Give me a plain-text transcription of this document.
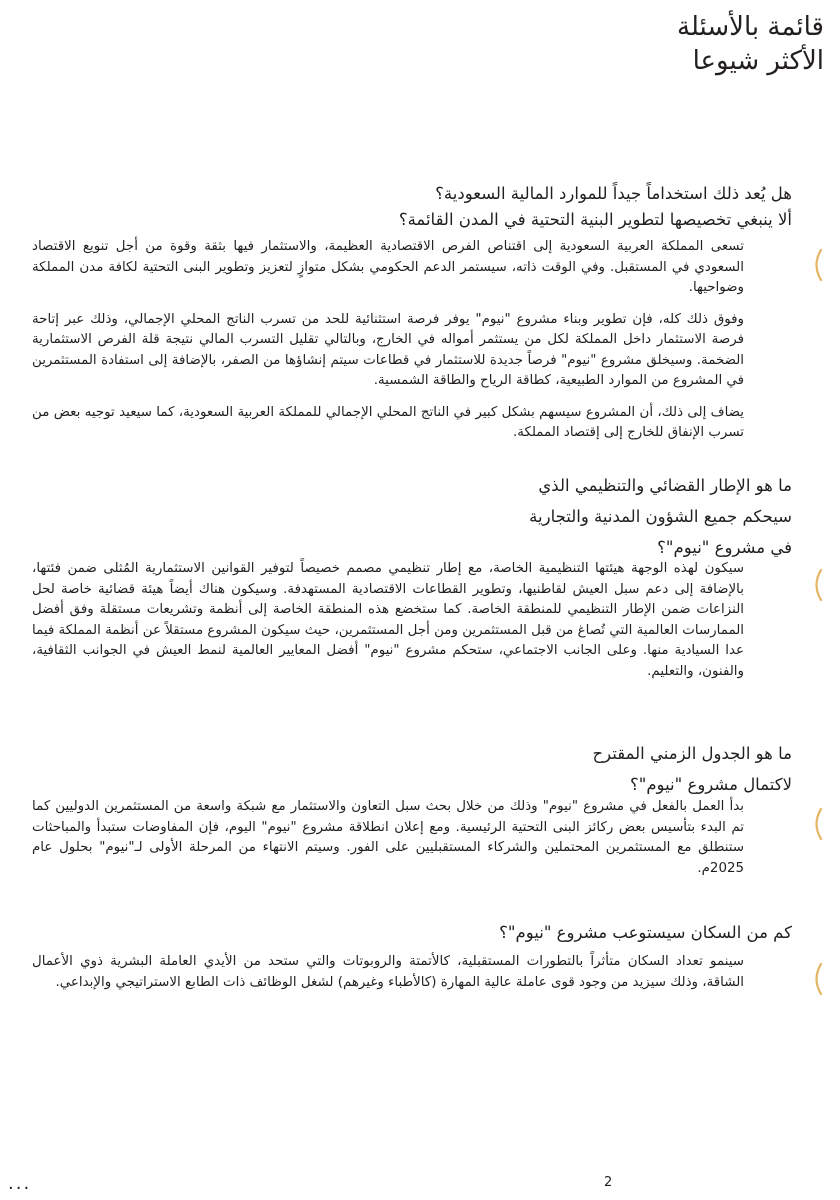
قائمة بالأسئلة
الأكثر شيوعا
هل يُعد ذلك استخداماً جيداً للموارد المالية السعودية؟
ألا ينبغي تخصيصها لتطوير البنية التحتية في المدن القائمة؟

تسعى المملكة العربية السعودية إلى اقتناص الفرص الاقتصادية العظيمة، والاستثمار فيها بثقة وقوة من أجل تنويع الاقتصاد السعودي في المستقبل. وفي الوقت ذاته، سيستمر الدعم الحكومي بشكل متوازٍ لتعزيز وتطوير البنى التحتية لكافة مدن المملكة وضواحيها.

وفوق ذلك كله، فإن تطوير وبناء مشروع "نيوم" يوفر فرصة استثنائية للحد من تسرب الناتج المحلي الإجمالي، وذلك عبر إتاحة فرصة الاستثمار داخل المملكة لكل من يستثمر أمواله في الخارج، وبالتالي تقليل التسرب المالي نتيجة قلة الفرص الاستثمارية الضخمة. وسيخلق مشروع "نيوم" فرصاً جديدة للاستثمار في قطاعات سيتم إنشاؤها من الصفر، بالإضافة إلى استفادة المستثمرين في المشروع من الموارد الطبيعية، كطاقة الرياح والطاقة الشمسية.

يضاف إلى ذلك، أن المشروع سيسهم بشكل كبير في الناتج المحلي الإجمالي للمملكة العربية السعودية، كما سيعيد توجيه بعض من تسرب الإنفاق للخارج إلى إقتصاد المملكة.

ما هو الإطار القضائي والتنظيمي الذي
سيحكم جميع الشؤون المدنية والتجارية
في مشروع "نيوم"؟

سيكون لهذه الوجهة هيئتها التنظيمية الخاصة، مع إطار تنظيمي مصمم خصيصاً لتوفير القوانين الاستثمارية المُثلى ضمن فئتها، بالإضافة إلى دعم سبل العيش لقاطنيها، وتطوير القطاعات الاقتصادية المستهدفة. وسيكون هناك أيضاً هيئة قضائية خاصة لحل النزاعات ضمن الإطار التنظيمي للمنطقة الخاصة. كما ستخضع هذه المنطقة الخاصة إلى أنظمة وتشريعات مستقلة وفق أفضل الممارسات العالمية التي تُصاغ من قبل المستثمرين ومن أجل المستثمرين، حيث سيكون المشروع مستقلاً عن أنظمة المملكة فيما عدا السيادية منها. وعلى الجانب الاجتماعي، ستحكم مشروع "نيوم" أفضل المعايير العالمية لنمط العيش في الجوانب الثقافية، والفنون، والتعليم.

ما هو الجدول الزمني المقترح
لاكتمال مشروع "نيوم"؟

بدأ العمل بالفعل في مشروع "نيوم" وذلك من خلال بحث سبل التعاون والاستثمار مع شبكة واسعة من المستثمرين الدوليين كما تم البدء بتأسيس بعض ركائز البنى التحتية الرئيسية. ومع إعلان انطلاقة مشروع "نيوم" اليوم، فإن المفاوضات ستبدأ والمباحثات ستنطلق مع المستثمرين المحتملين والشركاء المستقبليين على الفور. وسيتم الانتهاء من المرحلة الأولى لـ"نيوم" بحلول عام 2025م.

كم من السكان سيستوعب مشروع "نيوم"؟

سينمو تعداد السكان متأثراً بالتطورات المستقبلية، كالأتمتة والروبوتات والتي ستحد من الأيدي العاملة البشرية ذوي الأعمال الشاقة، وذلك سيزيد من وجود قوى عاملة عالية المهارة (كالأطباء وغيرهم) لشغل الوظائف ذات الطابع الاستراتيجي والإبداعي.

2
...
